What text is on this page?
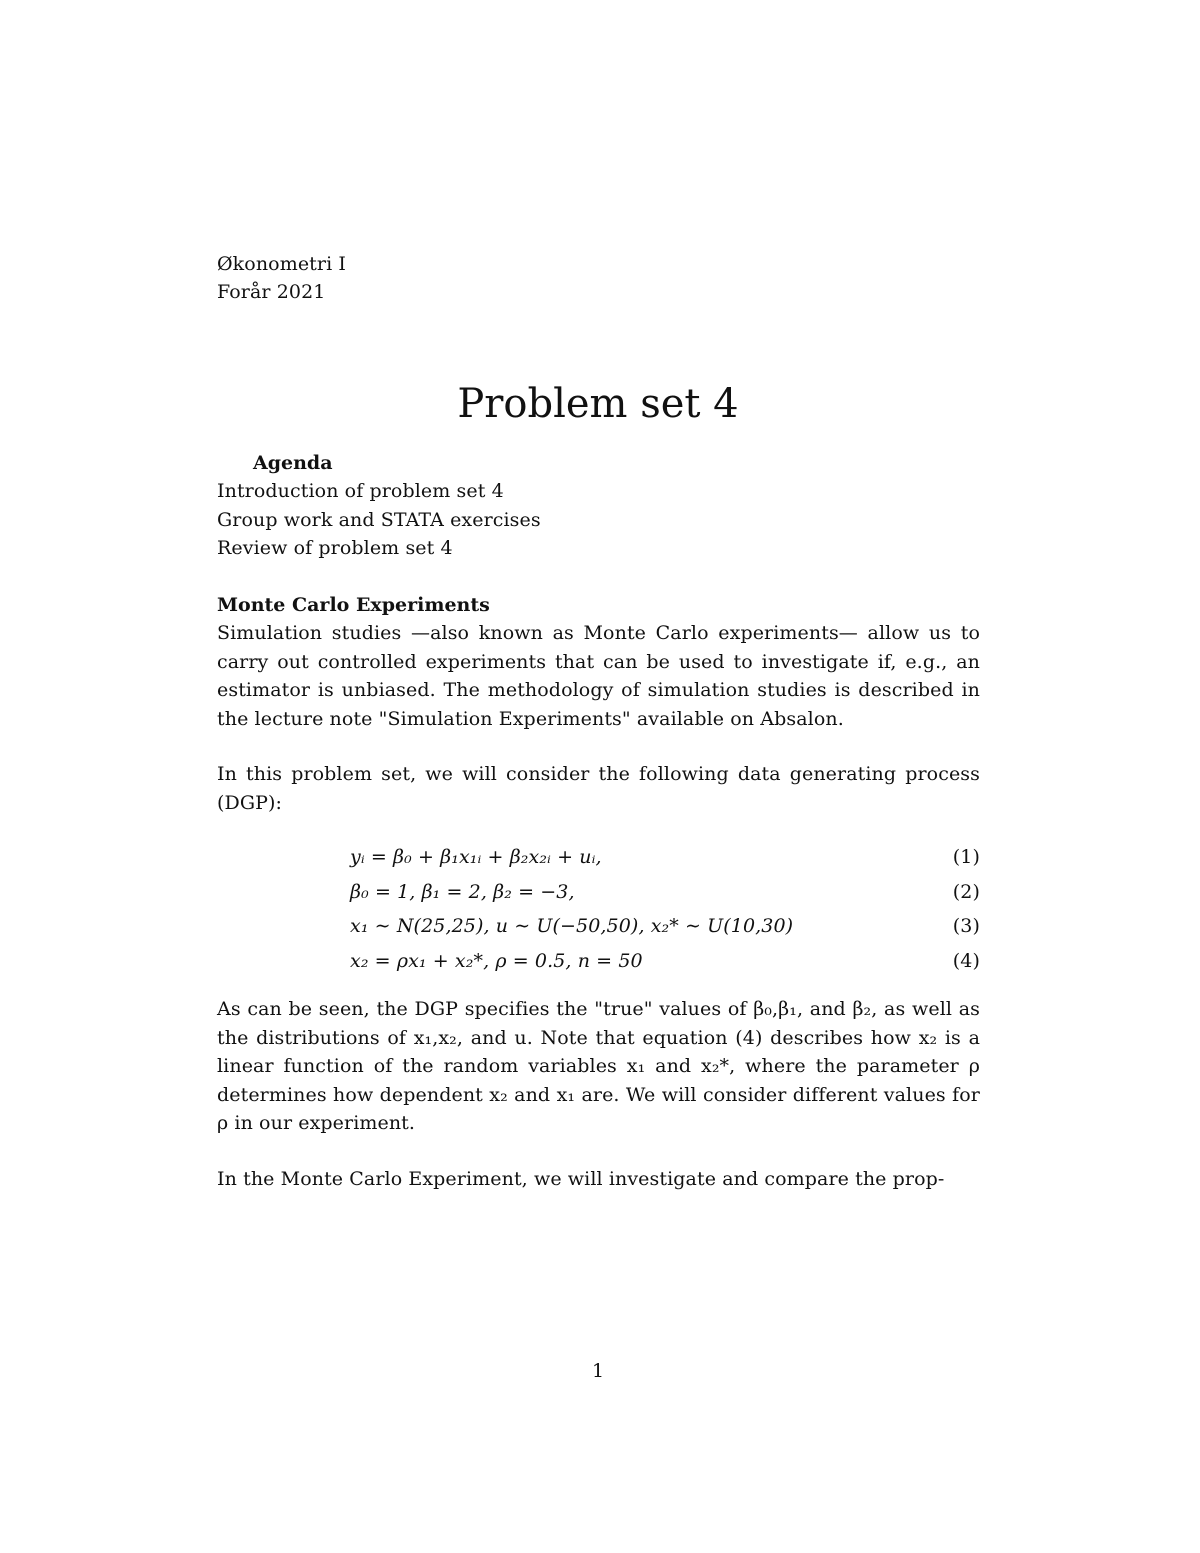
Økonometri I
Forår 2021
Problem set 4
Agenda
Introduction of problem set 4
Group work and STATA exercises
Review of problem set 4
Monte Carlo Experiments

Simulation studies —also known as Monte Carlo experiments— allow us to carry out controlled experiments that can be used to investigate if, e.g., an estimator is unbiased. The methodology of simulation studies is described in the lecture note "Simulation Experiments" available on Absalon.

In this problem set, we will consider the following data generating process (DGP):

yᵢ = β₀ + β₁x₁ᵢ + β₂x₂ᵢ + uᵢ,	(1)
β₀ = 1, β₁ = 2, β₂ = −3,	(2)
x₁ ∼ N(25,25), u ∼ U(−50,50), x₂* ∼ U(10,30)	(3)
x₂ = ρx₁ + x₂*, ρ = 0.5, n = 50	(4)

As can be seen, the DGP specifies the "true" values of β₀,β₁, and β₂, as well as the distributions of x₁,x₂, and u. Note that equation (4) describes how x₂ is a linear function of the random variables x₁ and x₂*, where the parameter ρ determines how dependent x₂ and x₁ are. We will consider different values for ρ in our experiment.

In the Monte Carlo Experiment, we will investigate and compare the prop-

1
